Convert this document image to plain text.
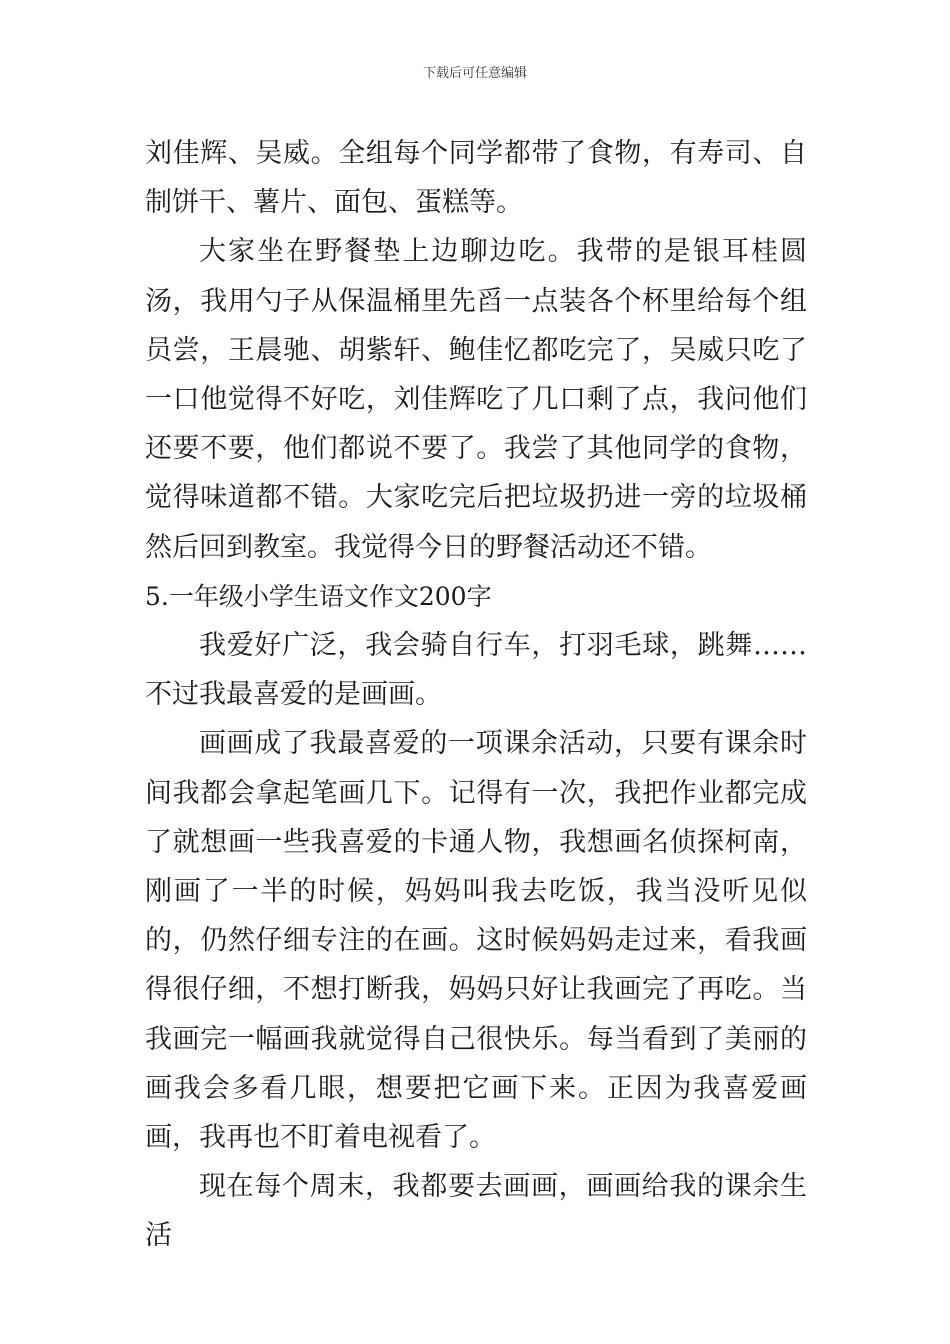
下载后可任意编辑

刘佳辉、吴威。全组每个同学都带了食物，有寿司、自制饼干、薯片、面包、蛋糕等。

大家坐在野餐垫上边聊边吃。我带的是银耳桂圆汤，我用勺子从保温桶里先舀一点装各个杯里给每个组员尝，王晨驰、胡紫轩、鲍佳忆都吃完了，吴威只吃了一口他觉得不好吃，刘佳辉吃了几口剩了点，我问他们还要不要，他们都说不要了。我尝了其他同学的食物，觉得味道都不错。大家吃完后把垃圾扔进一旁的垃圾桶然后回到教室。我觉得今日的野餐活动还不错。

5.一年级小学生语文作文200字

我爱好广泛，我会骑自行车，打羽毛球，跳舞……不过我最喜爱的是画画。

画画成了我最喜爱的一项课余活动，只要有课余时间我都会拿起笔画几下。记得有一次，我把作业都完成了就想画一些我喜爱的卡通人物，我想画名侦探柯南，刚画了一半的时候，妈妈叫我去吃饭，我当没听见似的，仍然仔细专注的在画。这时候妈妈走过来，看我画得很仔细，不想打断我，妈妈只好让我画完了再吃。当我画完一幅画我就觉得自己很快乐。每当看到了美丽的画我会多看几眼，想要把它画下来。正因为我喜爱画画，我再也不盯着电视看了。

现在每个周末，我都要去画画，画画给我的课余生活
